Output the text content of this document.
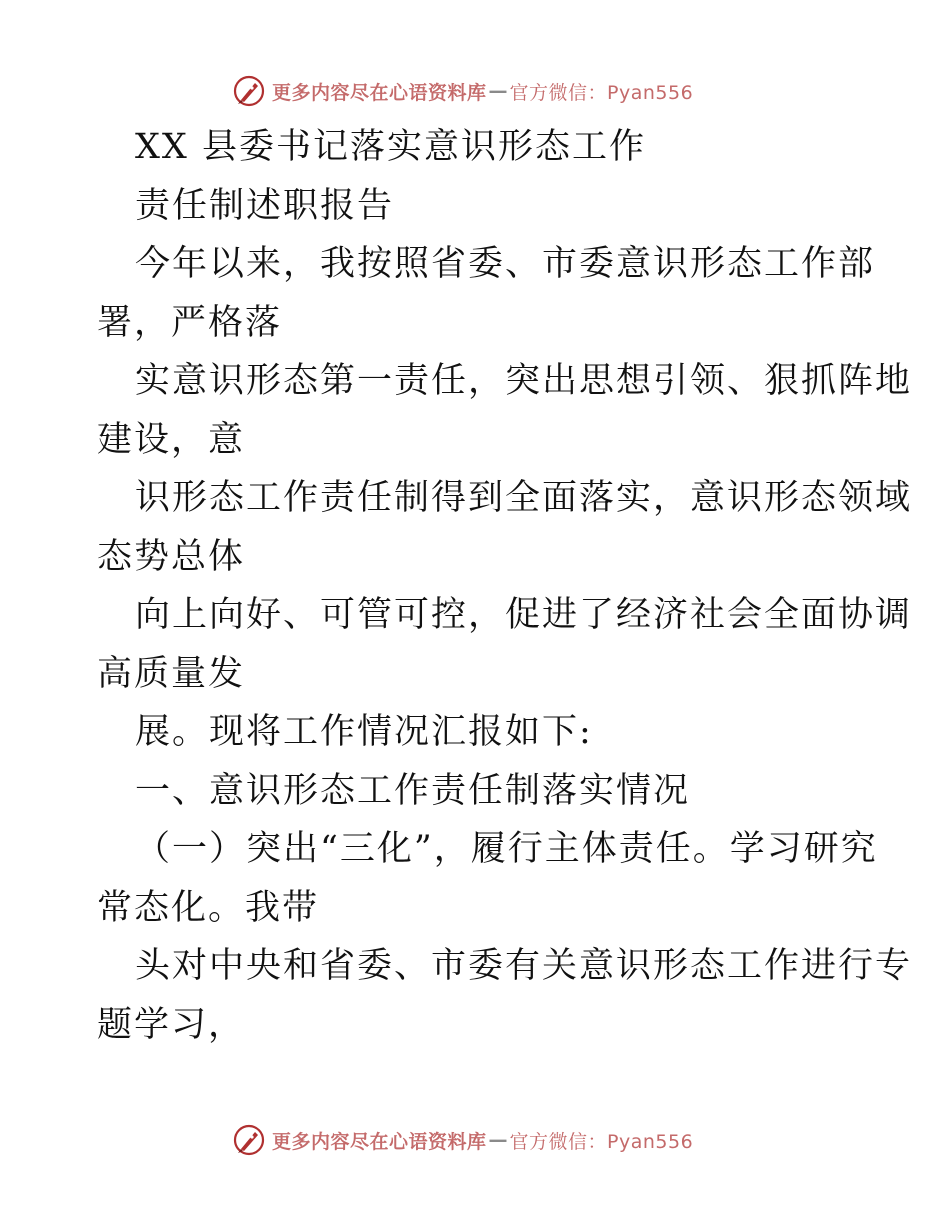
更多内容尽在心语资料库 — 官方微信：Pyan556
XX 县委书记落实意识形态工作
责任制述职报告
今年以来，我按照省委、市委意识形态工作部
署，严格落
实意识形态第一责任，突出思想引领、狠抓阵地
建设，意
识形态工作责任制得到全面落实，意识形态领域
态势总体
向上向好、可管可控，促进了经济社会全面协调
高质量发
展。现将工作情况汇报如下:
一、意识形态工作责任制落实情况
（一）突出“三化”，履行主体责任。学习研究
常态化。我带
头对中央和省委、市委有关意识形态工作进行专
题学习，
更多内容尽在心语资料库 — 官方微信：Pyan556
